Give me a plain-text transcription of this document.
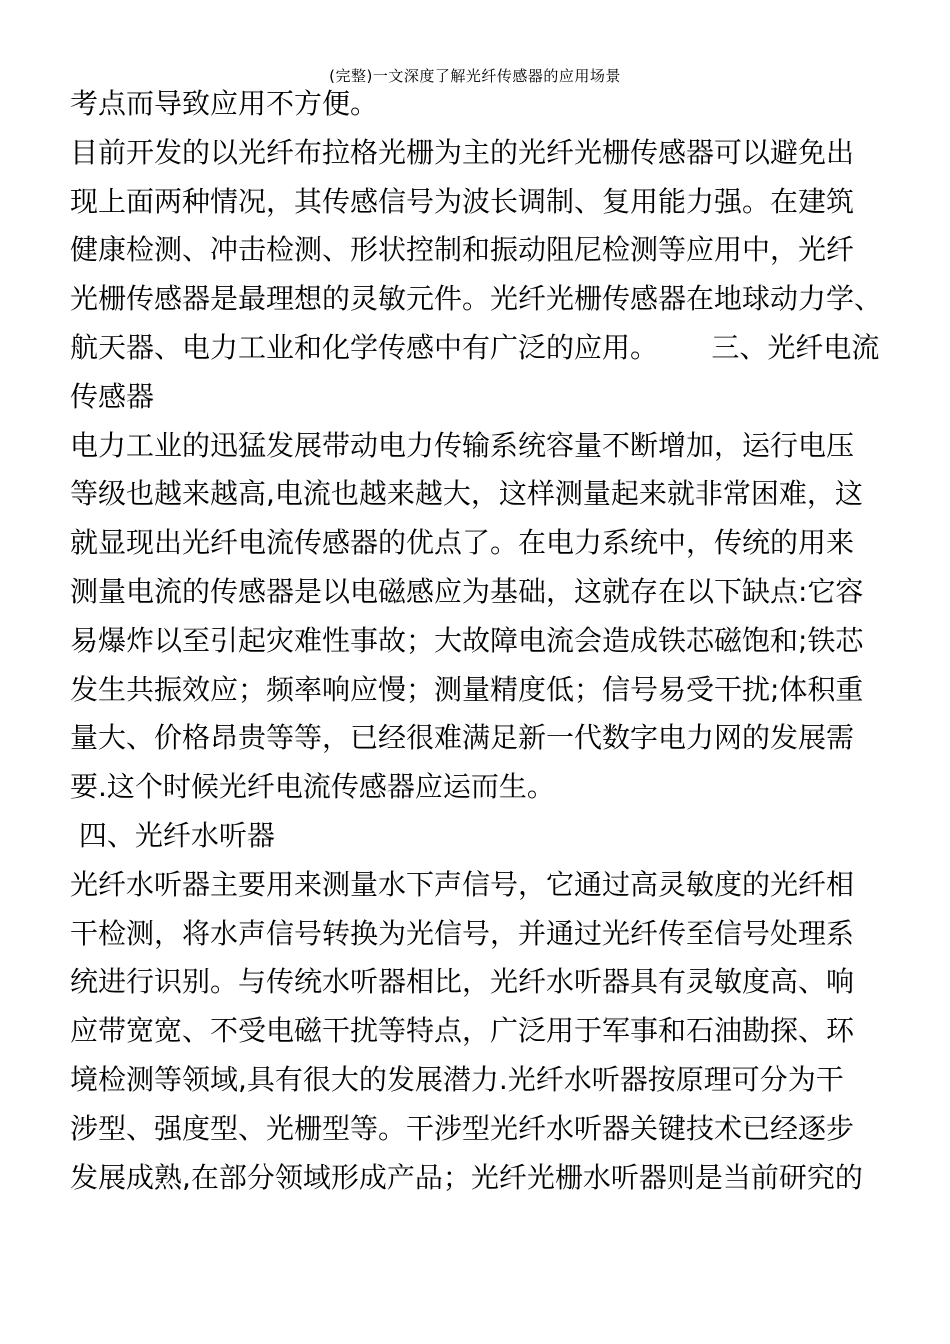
(完整)一文深度了解光纤传感器的应用场景
考点而导致应用不方便。
目前开发的以光纤布拉格光栅为主的光纤光栅传感器可以避免出
现上面两种情况，其传感信号为波长调制、复用能力强。在建筑
健康检测、冲击检测、形状控制和振动阻尼检测等应用中，光纤
光栅传感器是最理想的灵敏元件。光纤光栅传感器在地球动力学、
航天器、电力工业和化学传感中有广泛的应用。      三、光纤电流
传感器
电力工业的迅猛发展带动电力传输系统容量不断增加，运行电压
等级也越来越高,电流也越来越大，这样测量起来就非常困难，这
就显现出光纤电流传感器的优点了。在电力系统中，传统的用来
测量电流的传感器是以电磁感应为基础，这就存在以下缺点:它容
易爆炸以至引起灾难性事故；大故障电流会造成铁芯磁饱和;铁芯
发生共振效应；频率响应慢；测量精度低；信号易受干扰;体积重
量大、价格昂贵等等，已经很难满足新一代数字电力网的发展需
要.这个时候光纤电流传感器应运而生。
四、光纤水听器
光纤水听器主要用来测量水下声信号，它通过高灵敏度的光纤相
干检测，将水声信号转换为光信号，并通过光纤传至信号处理系
统进行识别。与传统水听器相比，光纤水听器具有灵敏度高、响
应带宽宽、不受电磁干扰等特点，广泛用于军事和石油勘探、环
境检测等领域,具有很大的发展潜力.光纤水听器按原理可分为干
涉型、强度型、光栅型等。干涉型光纤水听器关键技术已经逐步
发展成熟,在部分领域形成产品；光纤光栅水听器则是当前研究的
